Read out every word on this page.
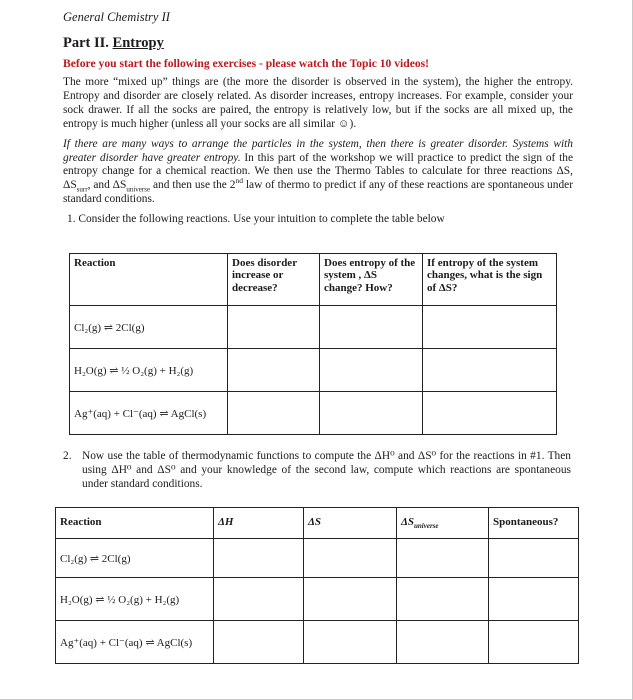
General Chemistry II
Part II. Entropy
Before you start the following exercises - please watch the Topic 10 videos!

The more “mixed up” things are (the more the disorder is observed in the system), the higher the entropy. Entropy and disorder are closely related. As disorder increases, entropy increases. For example, consider your sock drawer. If all the socks are paired, the entropy is relatively low, but if the socks are all mixed up, the entropy is much higher (unless all your socks are all similar ☺).

If there are many ways to arrange the particles in the system, then there is greater disorder. Systems with greater disorder have greater entropy. In this part of the workshop we will practice to predict the sign of the entropy change for a chemical reaction. We then use the Thermo Tables to calculate for three reactions ΔS, $\Delta S_{surr}$, and $\Delta S_{universe}$ and then use the 2nd law of thermo to predict if any of these reactions are spontaneous under standard conditions.

1. Consider the following reactions. Use your intuition to complete the table below
Reaction	Does disorder increase or decrease?	Does entropy of the system , ΔS change? How?	If entropy of the system changes, what is the sign of ΔS?
Cl₂(g) ⇌ 2Cl(g)			
H₂O(g) ⇌ ½ O₂(g) + H₂(g)			
Ag⁺(aq) + Cl⁻(aq) ⇌ AgCl(s)			
2. Now use the table of thermodynamic functions to compute the ΔH⁰ and ΔS⁰ for the reactions in #1. Then using ΔH⁰ and ΔS⁰ and your knowledge of the second law, compute which reactions are spontaneous under standard conditions.
Reaction	ΔH	ΔS	$\Delta S_{universe}$	Spontaneous?
Cl₂(g) ⇌ 2Cl(g)				
H₂O(g) ⇌ ½ O₂(g) + H₂(g)				
Ag⁺(aq) + Cl⁻(aq) ⇌ AgCl(s)				
